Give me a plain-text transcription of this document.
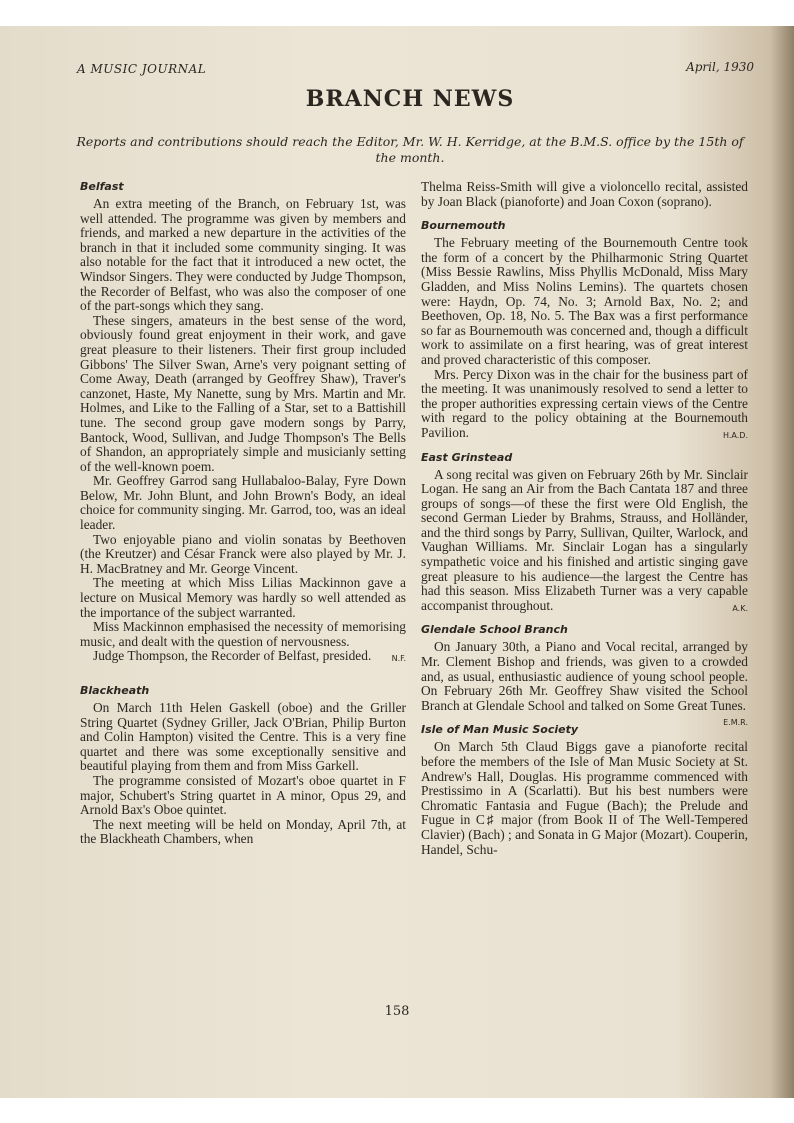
A MUSIC JOURNAL	April, 1930
BRANCH NEWS
Reports and contributions should reach the Editor, Mr. W. H. Kerridge, at the B.M.S. office by the 15th of the month.
Belfast

An extra meeting of the Branch, on February 1st, was well attended. The programme was given by members and friends, and marked a new departure in the activities of the branch in that it included some community singing. It was also notable for the fact that it introduced a new octet, the Windsor Singers. They were conducted by Judge Thompson, the Recorder of Belfast, who was also the composer of one of the part-songs which they sang.

These singers, amateurs in the best sense of the word, obviously found great enjoyment in their work, and gave great pleasure to their listeners. Their first group included Gibbons' The Silver Swan, Arne's very poignant setting of Come Away, Death (arranged by Geoffrey Shaw), Traver's canzonet, Haste, My Nanette, sung by Mrs. Martin and Mr. Holmes, and Like to the Falling of a Star, set to a Battishill tune. The second group gave modern songs by Parry, Bantock, Wood, Sullivan, and Judge Thompson's The Bells of Shandon, an appropriately simple and musicianly setting of the well-known poem.

Mr. Geoffrey Garrod sang Hullabaloo-Balay, Fyre Down Below, Mr. John Blunt, and John Brown's Body, an ideal choice for community singing. Mr. Garrod, too, was an ideal leader.

Two enjoyable piano and violin sonatas by Beethoven (the Kreutzer) and César Franck were also played by Mr. J. H. MacBratney and Mr. George Vincent.

The meeting at which Miss Lilias Mackinnon gave a lecture on Musical Memory was hardly so well attended as the importance of the subject warranted.

Miss Mackinnon emphasised the necessity of memorising music, and dealt with the question of nervousness.

Judge Thompson, the Recorder of Belfast, presided.	N.F.

Blackheath

On March 11th Helen Gaskell (oboe) and the Griller String Quartet (Sydney Griller, Jack O'Brian, Philip Burton and Colin Hampton) visited the Centre. This is a very fine quartet and there was some exceptionally sensitive and beautiful playing from them and from Miss Garkell.

The programme consisted of Mozart's oboe quartet in F major, Schubert's String quartet in A minor, Opus 29, and Arnold Bax's Oboe quintet.

The next meeting will be held on Monday, April 7th, at the Blackheath Chambers, when

Thelma Reiss-Smith will give a violoncello recital, assisted by Joan Black (pianoforte) and Joan Coxon (soprano).

Bournemouth

The February meeting of the Bournemouth Centre took the form of a concert by the Philharmonic String Quartet (Miss Bessie Rawlins, Miss Phyllis McDonald, Miss Mary Gladden, and Miss Nolins Lemins). The quartets chosen were: Haydn, Op. 74, No. 3; Arnold Bax, No. 2; and Beethoven, Op. 18, No. 5. The Bax was a first performance so far as Bournemouth was concerned and, though a difficult work to assimilate on a first hearing, was of great interest and proved characteristic of this composer.

Mrs. Percy Dixon was in the chair for the business part of the meeting. It was unanimously resolved to send a letter to the proper authorities expressing certain views of the Centre with regard to the policy obtaining at the Bournemouth Pavilion.	H.A.D.

East Grinstead

A song recital was given on February 26th by Mr. Sinclair Logan. He sang an Air from the Bach Cantata 187 and three groups of songs—of these the first were Old English, the second German Lieder by Brahms, Strauss, and Holländer, and the third songs by Parry, Sullivan, Quilter, Warlock, and Vaughan Williams. Mr. Sinclair Logan has a singularly sympathetic voice and his finished and artistic singing gave great pleasure to his audience—the largest the Centre has had this season. Miss Elizabeth Turner was a very capable accompanist throughout.	A.K.

Glendale School Branch

On January 30th, a Piano and Vocal recital, arranged by Mr. Clement Bishop and friends, was given to a crowded and, as usual, enthusiastic audience of young school people. On February 26th Mr. Geoffrey Shaw visited the School Branch at Glendale School and talked on Some Great Tunes.
E.M.R.

Isle of Man Music Society

On March 5th Claud Biggs gave a pianoforte recital before the members of the Isle of Man Music Society at St. Andrew's Hall, Douglas. His programme commenced with Prestissimo in A (Scarlatti). But his best numbers were Chromatic Fantasia and Fugue (Bach); the Prelude and Fugue in C♯ major (from Book II of The Well-Tempered Clavier) (Bach) ; and Sonata in G Major (Mozart). Couperin, Handel, Schu-

158
